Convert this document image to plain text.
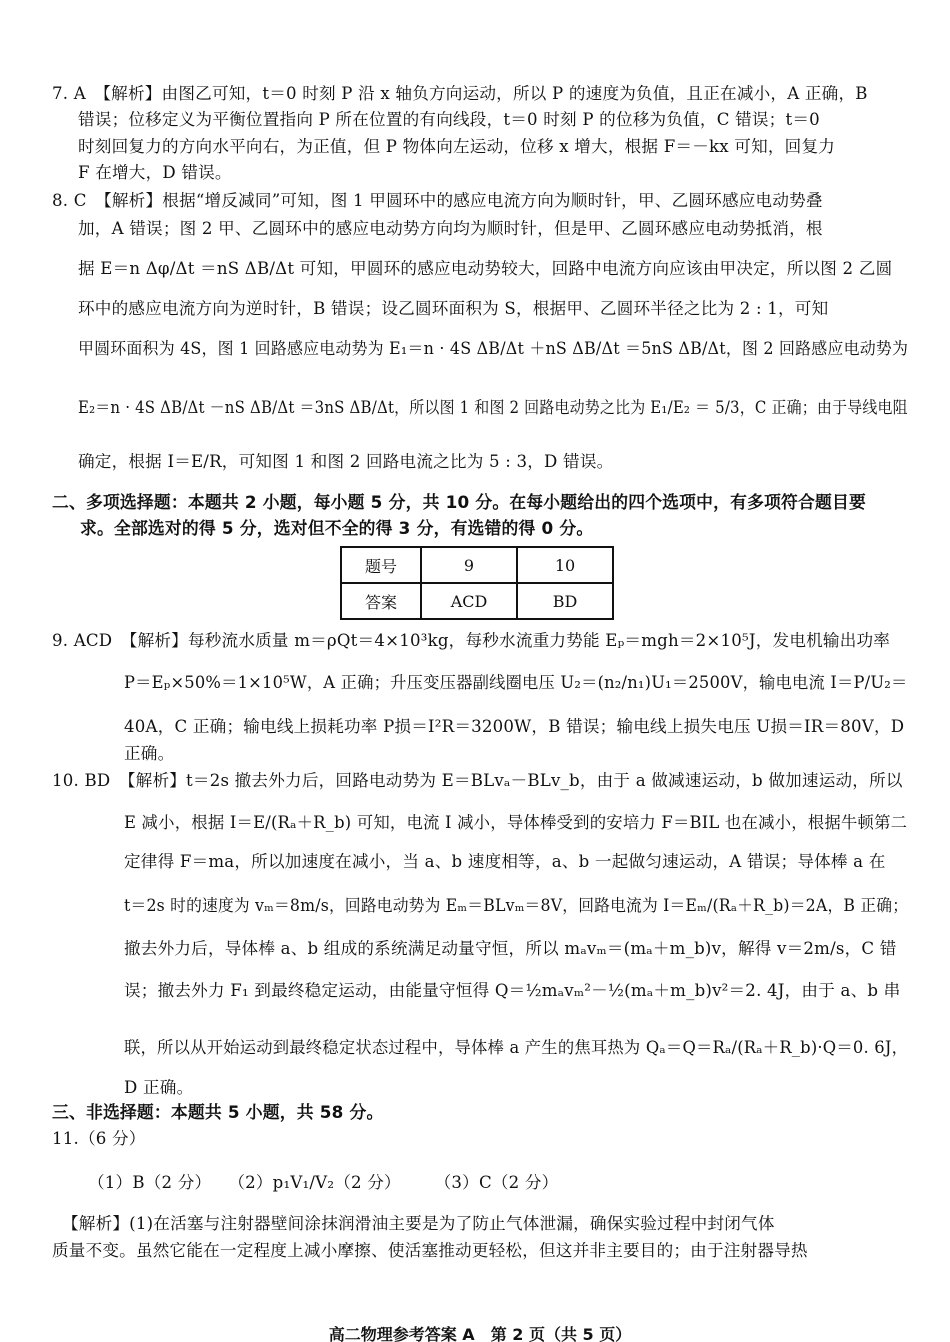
7. A　【解析】由图乙可知，t＝0 时刻 P 沿 x 轴负方向运动，所以 P 的速度为负值，且正在减小，A 正确，B
错误；位移定义为平衡位置指向 P 所在位置的有向线段，t＝0 时刻 P 的位移为负值，C 错误；t＝0
时刻回复力的方向水平向右，为正值，但 P 物体向左运动，位移 x 增大，根据 F＝－kx 可知，回复力
F 在增大，D 错误。
8. C　【解析】根据“增反减同”可知，图 1 甲圆环中的感应电流方向为顺时针，甲、乙圆环感应电动势叠
加，A 错误；图 2 甲、乙圆环中的感应电动势方向均为顺时针，但是甲、乙圆环感应电动势抵消，根
据 E＝n Δφ/Δt ＝nS ΔB/Δt 可知，甲圆环的感应电动势较大，回路中电流方向应该由甲决定，所以图 2 乙圆
环中的感应电流方向为逆时针，B 错误；设乙圆环面积为 S，根据甲、乙圆环半径之比为 2 : 1，可知
甲圆环面积为 4S，图 1 回路感应电动势为 E₁＝n · 4S ΔB/Δt ＋nS ΔB/Δt ＝5nS ΔB/Δt，图 2 回路感应电动势为
E₂＝n · 4S ΔB/Δt －nS ΔB/Δt ＝3nS ΔB/Δt，所以图 1 和图 2 回路电动势之比为 E₁/E₂ ＝ 5/3，C 正确；由于导线电阻
确定，根据 I＝E/R，可知图 1 和图 2 回路电流之比为 5 : 3，D 错误。
二、多项选择题：本题共 2 小题，每小题 5 分，共 10 分。在每小题给出的四个选项中，有多项符合题目要
求。全部选对的得 5 分，选对但不全的得 3 分，有选错的得 0 分。
9. ACD　【解析】每秒流水质量 m＝ρQt＝4×10³kg，每秒水流重力势能 Eₚ＝mgh＝2×10⁵J，发电机输出功率
P＝Eₚ×50%＝1×10⁵W，A 正确；升压变压器副线圈电压 U₂＝(n₂/n₁)U₁＝2500V，输电电流 I＝P/U₂＝
40A，C 正确；输电线上损耗功率 P损＝I²R＝3200W，B 错误；输电线上损失电压 U损＝IR＝80V，D
正确。
10. BD　【解析】t＝2s 撤去外力后，回路电动势为 E＝BLvₐ－BLv_b，由于 a 做减速运动，b 做加速运动，所以
E 减小，根据 I＝E/(Rₐ＋R_b) 可知，电流 I 减小，导体棒受到的安培力 F＝BIL 也在减小，根据牛顿第二
定律得 F＝ma，所以加速度在减小，当 a、b 速度相等，a、b 一起做匀速运动，A 错误；导体棒 a 在
t＝2s 时的速度为 vₘ＝8m/s，回路电动势为 Eₘ＝BLvₘ＝8V，回路电流为 I＝Eₘ/(Rₐ＋R_b)＝2A，B 正确；
撤去外力后，导体棒 a、b 组成的系统满足动量守恒，所以 mₐvₘ＝(mₐ＋m_b)v，解得 v＝2m/s，C 错
误；撤去外力 F₁ 到最终稳定运动，由能量守恒得 Q＝½mₐvₘ²－½(mₐ＋m_b)v²＝2. 4J，由于 a、b 串
联，所以从开始运动到最终稳定状态过程中，导体棒 a 产生的焦耳热为 Qₐ＝Q＝Rₐ/(Rₐ＋R_b)·Q＝0. 6J，
D 正确。
三、非选择题：本题共 5 小题，共 58 分。
11.（6 分）
（1）B（2 分）　　（2）p₁V₁/V₂（2 分）　　　（3）C（2 分）
【解析】(1)在活塞与注射器壁间涂抹润滑油主要是为了防止气体泄漏，确保实验过程中封闭气体
质量不变。虽然它能在一定程度上减小摩擦、使活塞推动更轻松，但这并非主要目的；由于注射器导热
题号	9	10
答案	ACD	BD
高二物理参考答案 A　第 2 页（共 5 页）
